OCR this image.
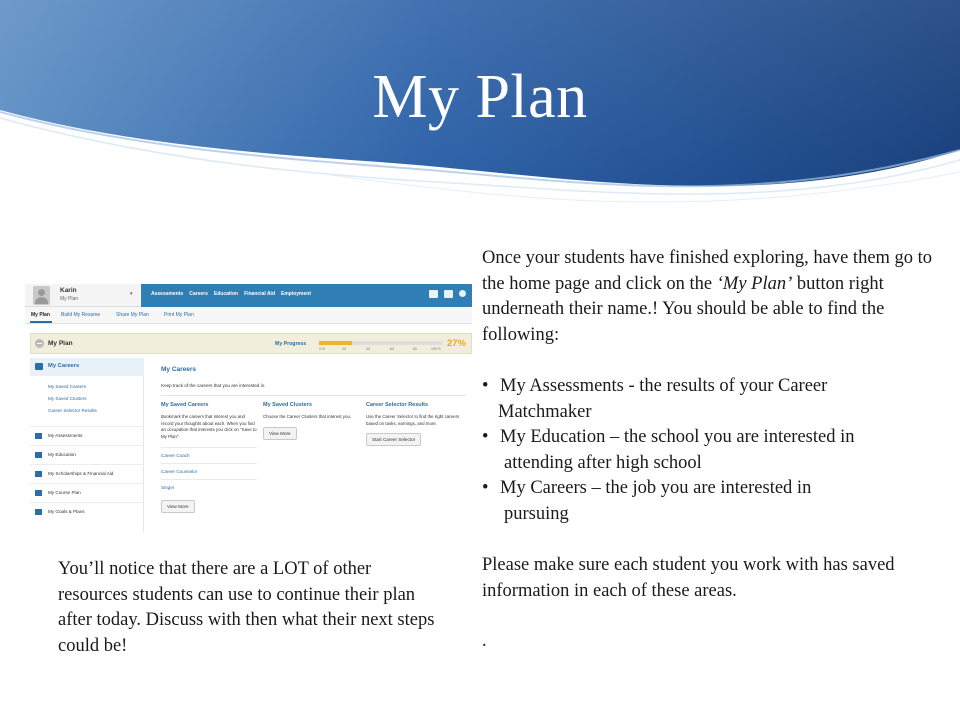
My Plan
Karin
My Plan
▾	Assessments Careers Education Financial Aid Employment
My Plan Build My Resume	Share My Plan	Print My Plan
My Plan	My Progress
0 %	20	40	60	80	100 % 27%
My Careers
My Saved Careers
My Saved Clusters
Career Selector Results
My Assessments
My Education
My Scholarships & Financial Aid
My Course Plan
My Goals & Plans
My Careers
Keep track of the careers that you are interested in.
My Saved Careers
Bookmark the careers that interest you and record your thoughts about each. When you find an occupation that interests you click on "Save to My Plan".
Career Coach
Career Counselor
Singer
View More
My Saved Clusters
Choose the Career Clusters that interest you.
View More
Career Selector Results
Use the Career Selector to find the right careers based on tasks, earnings, and more.
Start Career Selector

Once your students have finished exploring, have them go to the home page and click on the ‘My Plan’ button right underneath their name.! You should be able to find the following:

• My Assessments - the results of your Career
Matchmaker
• My Education – the school you are interested in
attending after high school
• My Careers – the job you are interested in
pursuing

Please make sure each student you work with has saved information in each of these areas.

.

You’ll notice that there are a LOT of other resources students can use to continue their plan after today. Discuss with then what their next steps could be!
